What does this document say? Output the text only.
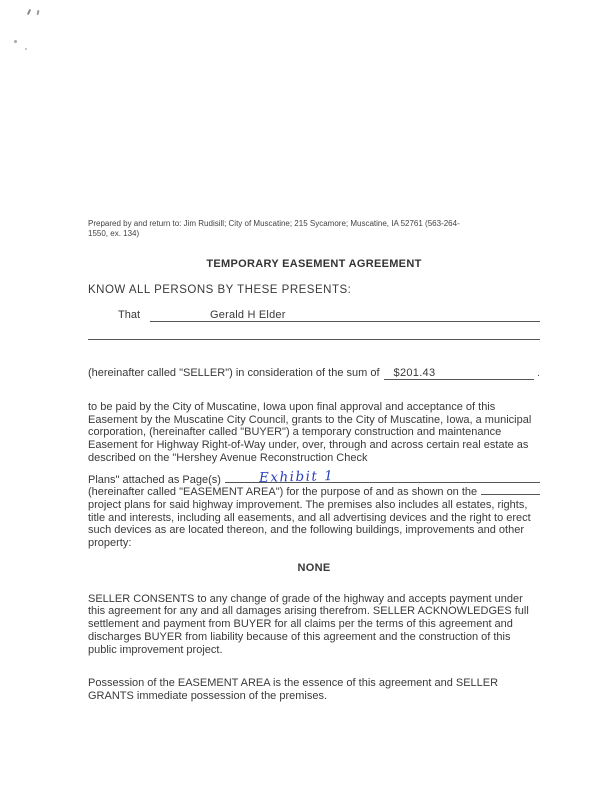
Prepared by and return to: Jim Rudisill; City of Muscatine; 215 Sycamore; Muscatine, IA 52761 (563-264-
1550, ex. 134)
TEMPORARY EASEMENT AGREEMENT
KNOW ALL PERSONS BY THESE PRESENTS:
That	Gerald H Elder
(hereinafter called "SELLER") in consideration of the sum of	$201.43	.
to be paid by the City of Muscatine, Iowa upon final approval and acceptance of this Easement by the Muscatine City Council, grants to the City of Muscatine, Iowa, a municipal corporation, (hereinafter called "BUYER") a temporary construction and maintenance Easement for Highway Right-of-Way under, over, through and across certain real estate as described on the "Hershey Avenue Reconstruction Check
Plans" attached as Page(s)	Exhibit 1
(hereinafter called "EASEMENT AREA") for the purpose of and as shown on the
project plans for said highway improvement. The premises also includes all estates, rights, title and interests, including all easements, and all advertising devices and the right to erect such devices as are located thereon, and the following buildings, improvements and other property:
NONE
SELLER CONSENTS to any change of grade of the highway and accepts payment under this agreement for any and all damages arising therefrom. SELLER ACKNOWLEDGES full settlement and payment from BUYER for all claims per the terms of this agreement and discharges BUYER from liability because of this agreement and the construction of this public improvement project.
Possession of the EASEMENT AREA is the essence of this agreement and SELLER GRANTS immediate possession of the premises.
